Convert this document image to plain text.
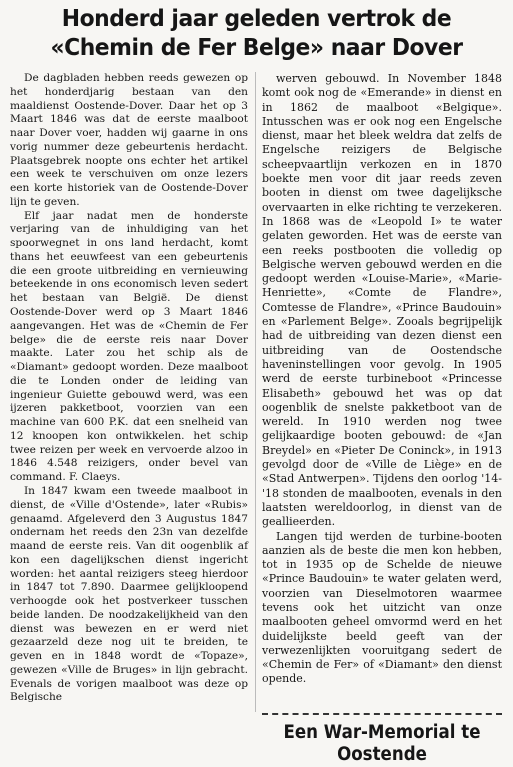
Honderd jaar geleden vertrok de
«Chemin de Fer Belge» naar Dover

De dagbladen hebben reeds gewezen op het honderdjarig bestaan van den maaldienst Oostende-Dover. Daar het op 3 Maart 1846 was dat de eerste maalboot naar Dover voer, hadden wij gaarne in ons vorig nummer deze gebeurtenis herdacht. Plaatsgebrek noopte ons echter het artikel een week te verschuiven om onze lezers een korte historiek van de Oostende-Dover lijn te geven.

Elf jaar nadat men de honderste verjaring van de inhuldiging van het spoorwegnet in ons land herdacht, komt thans het eeuwfeest van een gebeurtenis die een groote uitbreiding en vernieuwing beteekende in ons economisch leven sedert het bestaan van België. De dienst Oostende-Dover werd op 3 Maart 1846 aangevangen. Het was de «Chemin de Fer belge» die de eerste reis naar Dover maakte. Later zou het schip als de «Diamant» gedoopt worden. Deze maalboot die te Londen onder de leiding van ingenieur Guiette gebouwd werd, was een ijzeren pakketboot, voorzien van een machine van 600 P.K. dat een snelheid van 12 knoopen kon ontwikkelen. het schip twee reizen per week en vervoerde alzoo in 1846 4.548 reizigers, onder bevel van command. F. Claeys.

In 1847 kwam een tweede maalboot in dienst, de «Ville d'Ostende», later «Rubis» genaamd. Afgeleverd den 3 Augustus 1847 ondernam het reeds den 23n van dezelfde maand de eerste reis. Van dit oogenblik af kon een dagelijkschen dienst ingericht worden: het aantal reizigers steeg hierdoor in 1847 tot 7.890. Daarmee gelijkloopend verhoogde ook het postverkeer tusschen beide landen. De noodzakelijkheid van den dienst was bewezen en er werd niet gezaarzeld deze nog uit te breiden, te geven en in 1848 wordt de «Topaze», gewezen «Ville de Bruges» in lijn gebracht. Evenals de vorigen maalboot was deze op Belgische

werven gebouwd. In November 1848 komt ook nog de «Emerande» in dienst en in 1862 de maalboot «Belgique». Intusschen was er ook nog een Engelsche dienst, maar het bleek weldra dat zelfs de Engelsche reizigers de Belgische scheepvaartlijn verkozen en in 1870 boekte men voor dit jaar reeds zeven booten in dienst om twee dagelijksche overvaarten in elke richting te verzekeren. In 1868 was de «Leopold I» te water gelaten geworden. Het was de eerste van een reeks postbooten die volledig op Belgische werven gebouwd werden en die gedoopt werden «Louise-Marie», «Marie-Henriette», «Comte de Flandre», Comtesse de Flandre», «Prince Baudouin» en «Parlement Belge». Zooals begrijpelijk had de uitbreiding van dezen dienst een uitbreiding van de Oostendsche haveninstellingen voor gevolg. In 1905 werd de eerste turbineboot «Princesse Elisabeth» gebouwd het was op dat oogenblik de snelste pakketboot van de wereld. In 1910 werden nog twee gelijkaardige booten gebouwd: de «Jan Breydel» en «Pieter De Coninck», in 1913 gevolgd door de «Ville de Liège» en de «Stad Antwerpen». Tijdens den oorlog '14-'18 stonden de maalbooten, evenals in den laatsten wereldoorlog, in dienst van de geallieerden.

Langen tijd werden de turbine-booten aanzien als de beste die men kon hebben, tot in 1935 op de Schelde de nieuwe «Prince Baudouin» te water gelaten werd, voorzien van Dieselmotoren waarmee tevens ook het uitzicht van onze maalbooten geheel omvormd werd en het duidelijkste beeld geeft van der verwezenlijkten vooruitgang sedert de «Chemin de Fer» of «Diamant» den dienst opende.

Een War-Memorial te
Oostende
